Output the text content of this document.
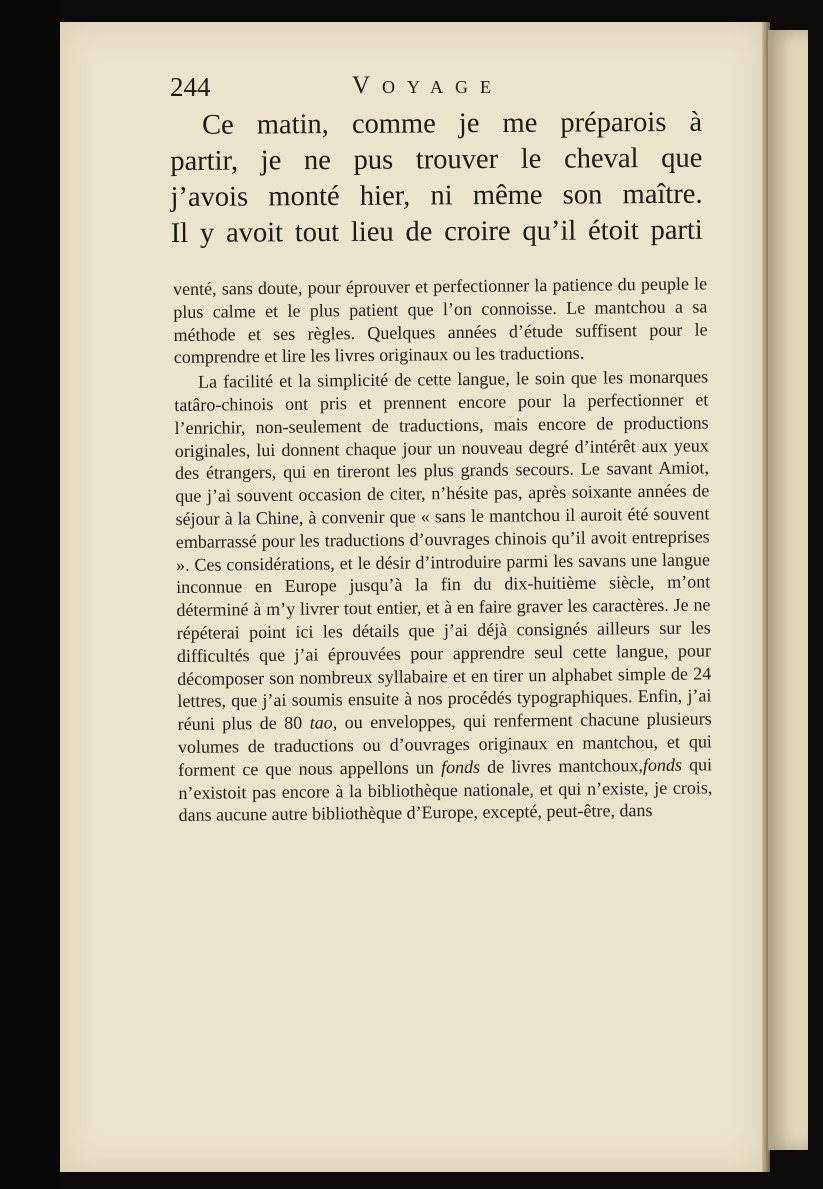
244	Voyage
Ce matin, comme je me préparois à
partir, je ne pus trouver le cheval que
j’avois monté hier, ni même son maître.
Il y avoit tout lieu de croire qu’il étoit parti

venté, sans doute, pour éprouver et perfectionner la patience du peuple le plus calme et le plus patient que l’on connoisse. Le mantchou a sa méthode et ses règles. Quelques années d’étude suffisent pour le comprendre et lire les livres originaux ou les traductions.

La facilité et la simplicité de cette langue, le soin que les monarques tatâro-chinois ont pris et prennent encore pour la perfectionner et l’enrichir, non-seulement de traductions, mais encore de productions originales, lui donnent chaque jour un nouveau degré d’intérêt aux yeux des étrangers, qui en tireront les plus grands secours. Le savant Amiot, que j’ai souvent occasion de citer, n’hésite pas, après soixante années de séjour à la Chine, à convenir que « sans le mantchou il auroit été souvent embarrassé pour les traductions d’ouvrages chinois qu’il avoit entreprises ». Ces considérations, et le désir d’introduire parmi les savans une langue inconnue en Europe jusqu’à la fin du dix-huitième siècle, m’ont déterminé à m’y livrer tout entier, et à en faire graver les caractères. Je ne répéterai point ici les détails que j’ai déjà consignés ailleurs sur les difficultés que j’ai éprouvées pour apprendre seul cette langue, pour décomposer son nombreux syllabaire et en tirer un alphabet simple de 24 lettres, que j’ai soumis ensuite à nos procédés typographiques. Enfin, j’ai réuni plus de 80 tao, ou enveloppes, qui renferment chacune plusieurs volumes de traductions ou d’ouvrages originaux en mantchou, et qui forment ce que nous appellons un fonds de livres mantchoux,fonds qui n’existoit pas encore à la bibliothèque nationale, et qui n’existe, je crois, dans aucune autre bibliothèque d’Europe, excepté, peut-être, dans
